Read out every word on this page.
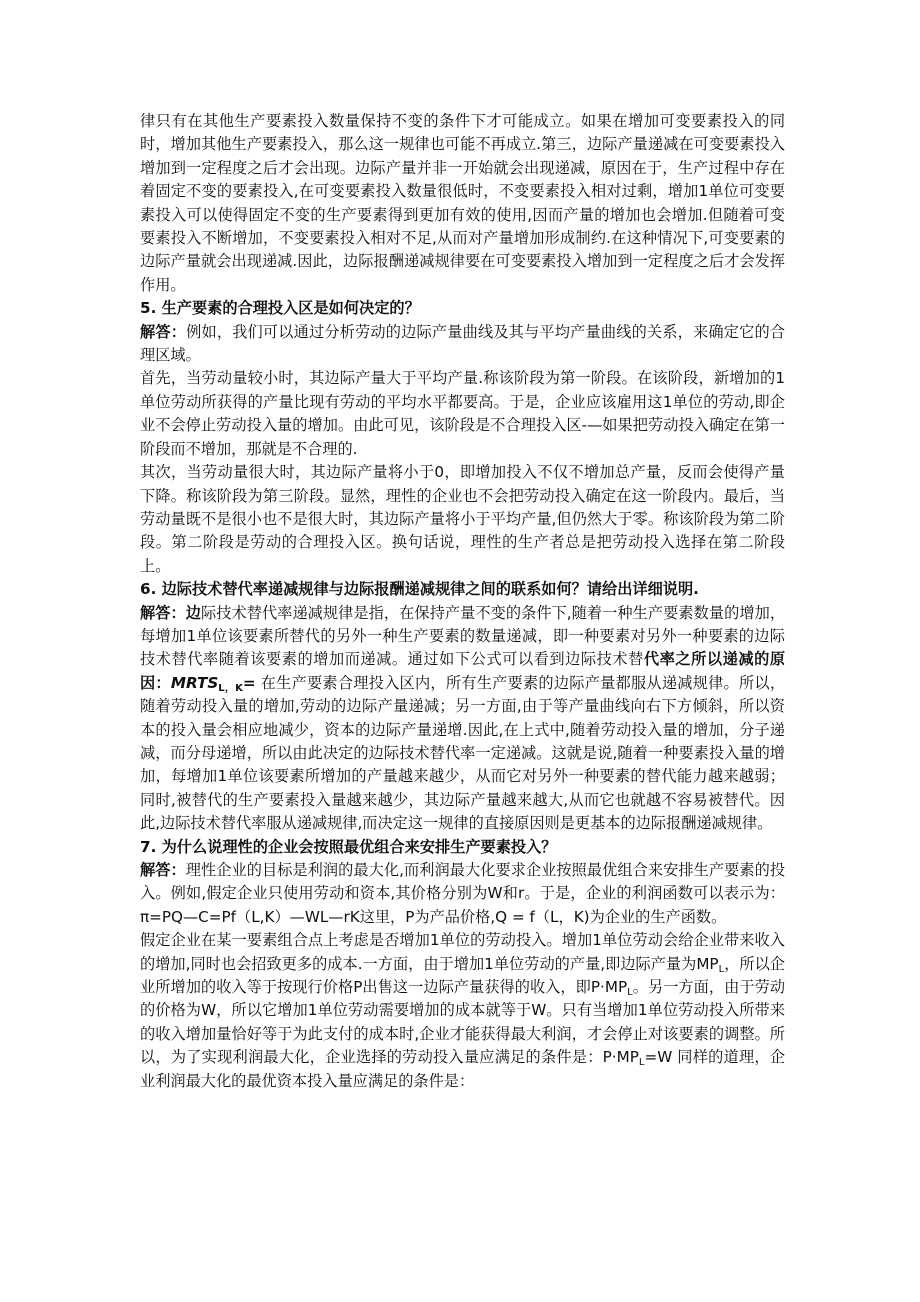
律只有在其他生产要素投入数量保持不变的条件下才可能成立。如果在增加可变要素投入的同时，增加其他生产要素投入，那么这一规律也可能不再成立.第三，边际产量递减在可变要素投入增加到一定程度之后才会出现。边际产量并非一开始就会出现递减，原因在于，生产过程中存在着固定不变的要素投入,在可变要素投入数量很低时，不变要素投入相对过剩，增加1单位可变要素投入可以使得固定不变的生产要素得到更加有效的使用,因而产量的增加也会增加.但随着可变要素投入不断增加，不变要素投入相对不足,从而对产量增加形成制约.在这种情况下,可变要素的边际产量就会出现递减.因此，边际报酬递减规律要在可变要素投入增加到一定程度之后才会发挥作用。

5. 生产要素的合理投入区是如何决定的？

解答：例如，我们可以通过分析劳动的边际产量曲线及其与平均产量曲线的关系，来确定它的合理区域。

首先，当劳动量较小时，其边际产量大于平均产量.称该阶段为第一阶段。在该阶段，新增加的1单位劳动所获得的产量比现有劳动的平均水平都要高。于是，企业应该雇用这1单位的劳动,即企业不会停止劳动投入量的增加。由此可见，该阶段是不合理投入区-—如果把劳动投入确定在第一阶段而不增加，那就是不合理的.

其次，当劳动量很大时，其边际产量将小于0，即增加投入不仅不增加总产量，反而会使得产量下降。称该阶段为第三阶段。显然，理性的企业也不会把劳动投入确定在这一阶段内。最后，当劳动量既不是很小也不是很大时，其边际产量将小于平均产量,但仍然大于零。称该阶段为第二阶段。第二阶段是劳动的合理投入区。换句话说，理性的生产者总是把劳动投入选择在第二阶段上。

6. 边际技术替代率递减规律与边际报酬递减规律之间的联系如何？请给出详细说明.

解答：边际技术替代率递减规律是指，在保持产量不变的条件下,随着一种生产要素数量的增加，每增加1单位该要素所替代的另外一种生产要素的数量递减，即一种要素对另外一种要素的边际技术替代率随着该要素的增加而递减。通过如下公式可以看到边际技术替代率之所以递减的原因：$MRTS_{L,K}=$ 在生产要素合理投入区内，所有生产要素的边际产量都服从递减规律。所以，随着劳动投入量的增加,劳动的边际产量递减；另一方面,由于等产量曲线向右下方倾斜，所以资本的投入量会相应地减少，资本的边际产量递增.因此,在上式中,随着劳动投入量的增加，分子递减，而分母递增，所以由此决定的边际技术替代率一定递减。这就是说,随着一种要素投入量的增加，每增加1单位该要素所增加的产量越来越少，从而它对另外一种要素的替代能力越来越弱；同时,被替代的生产要素投入量越来越少，其边际产量越来越大,从而它也就越不容易被替代。因此,边际技术替代率服从递减规律,而决定这一规律的直接原因则是更基本的边际报酬递减规律。

7. 为什么说理性的企业会按照最优组合来安排生产要素投入？

解答：理性企业的目标是利润的最大化,而利润最大化要求企业按照最优组合来安排生产要素的投入。例如,假定企业只使用劳动和资本,其价格分别为W和r。于是，企业的利润函数可以表示为： π=PQ—C=Pf（L,K）—WL—rK这里，P为产品价格,Q = f（L，K)为企业的生产函数。

假定企业在某一要素组合点上考虑是否增加1单位的劳动投入。增加1单位劳动会给企业带来收入的增加,同时也会招致更多的成本.一方面，由于增加1单位劳动的产量,即边际产量为$MP_L$，所以企业所增加的收入等于按现行价格P出售这一边际产量获得的收入，即$P\cdot MP_L$。另一方面，由于劳动的价格为W，所以它增加1单位劳动需要增加的成本就等于W。只有当增加1单位劳动投入所带来的收入增加量恰好等于为此支付的成本时,企业才能获得最大利润，才会停止对该要素的调整。所以，为了实现利润最大化，企业选择的劳动投入量应满足的条件是：$P\cdot MP_L=W$ 同样的道理，企业利润最大化的最优资本投入量应满足的条件是：
